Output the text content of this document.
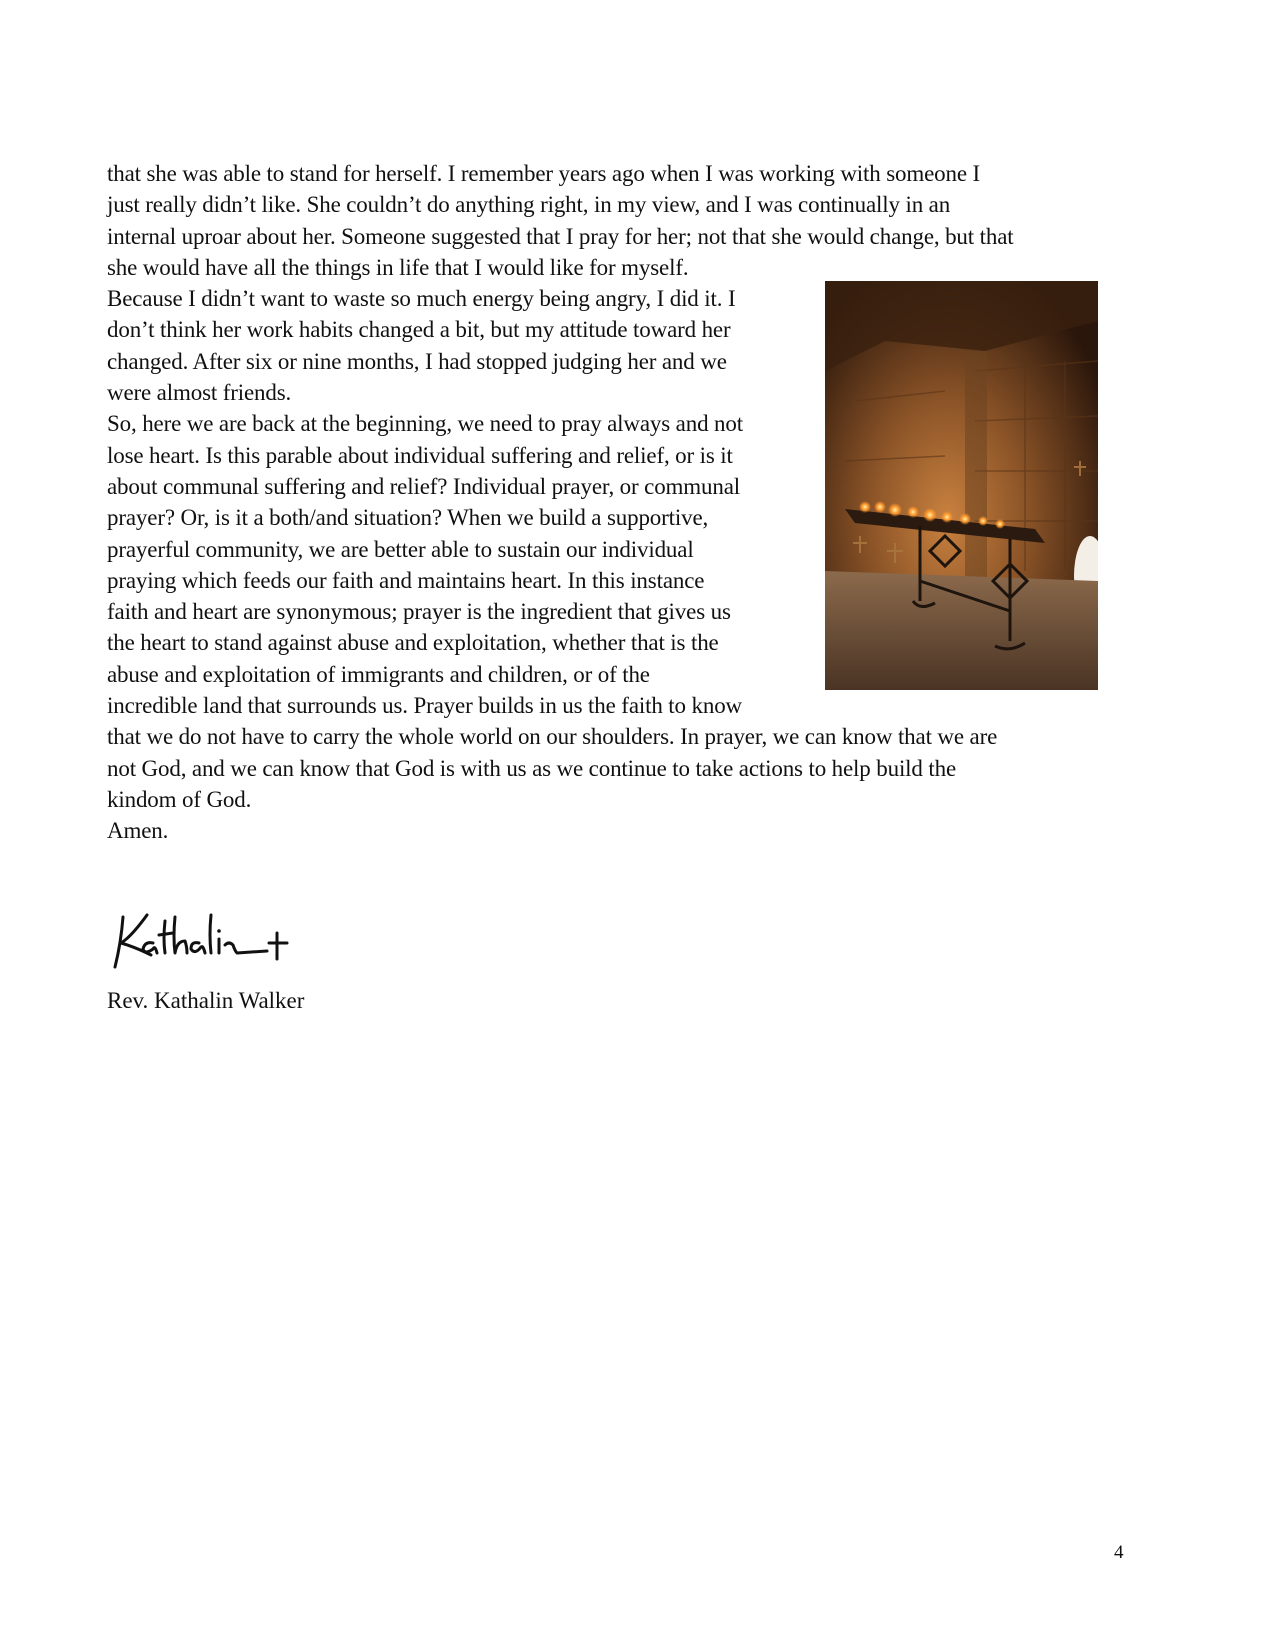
that she was able to stand for herself. I remember years ago when I was working with someone I
just really didn’t like. She couldn’t do anything right, in my view, and I was continually in an
internal uproar about her. Someone suggested that I pray for her; not that she would change, but that
she would have all the things in life that I would like for myself.
Because I didn’t want to waste so much energy being angry, I did it. I
don’t think her work habits changed a bit, but my attitude toward her
changed. After six or nine months, I had stopped judging her and we
were almost friends.
So, here we are back at the beginning, we need to pray always and not
lose heart. Is this parable about individual suffering and relief, or is it
about communal suffering and relief? Individual prayer, or communal
prayer? Or, is it a both/and situation? When we build a supportive,
prayerful community, we are better able to sustain our individual
praying which feeds our faith and maintains heart. In this instance
faith and heart are synonymous; prayer is the ingredient that gives us
the heart to stand against abuse and exploitation, whether that is the
abuse and exploitation of immigrants and children, or of the
incredible land that surrounds us. Prayer builds in us the faith to know
that we do not have to carry the whole world on our shoulders. In prayer, we can know that we are
not God, and we can know that God is with us as we continue to take actions to help build the
kindom of God.
Amen.
Rev. Kathalin Walker
4
